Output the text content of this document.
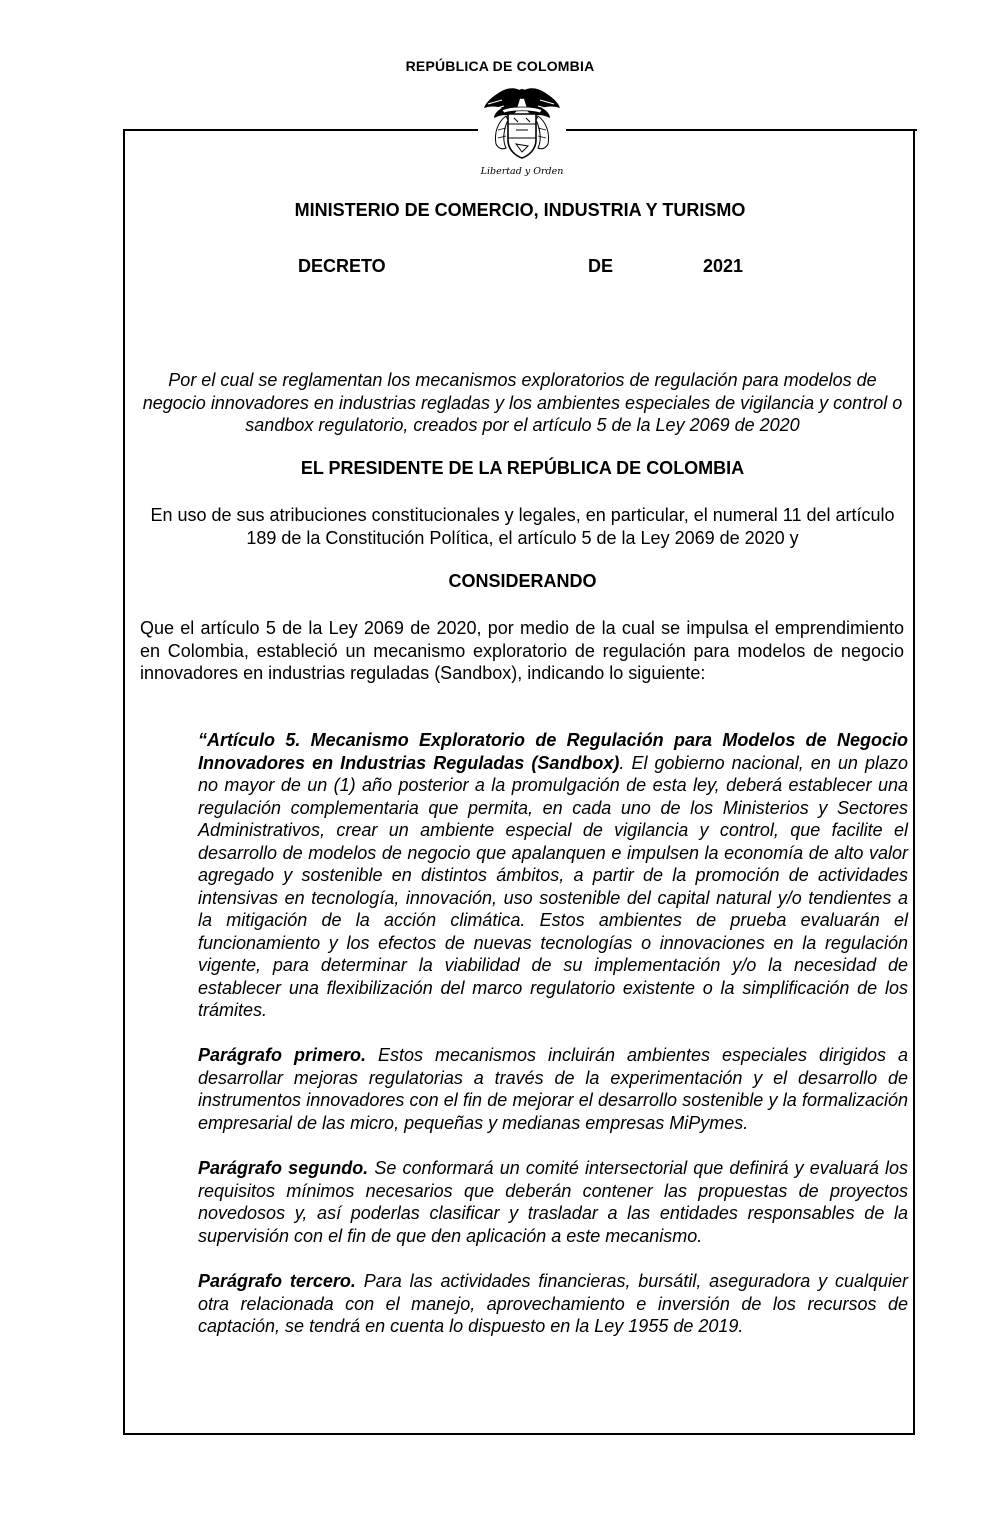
REPÚBLICA DE COLOMBIA
Libertad y Orden
MINISTERIO DE COMERCIO, INDUSTRIA Y TURISMO
DECRETO	DE	2021
Por el cual se reglamentan los mecanismos exploratorios de regulación para modelos de negocio innovadores en industrias regladas y los ambientes especiales de vigilancia y control o sandbox regulatorio, creados por el artículo 5 de la Ley 2069 de 2020
EL PRESIDENTE DE LA REPÚBLICA DE COLOMBIA
En uso de sus atribuciones constitucionales y legales, en particular, el numeral 11 del artículo 189 de la Constitución Política, el artículo 5 de la Ley 2069 de 2020 y
CONSIDERANDO
Que el artículo 5 de la Ley 2069 de 2020, por medio de la cual se impulsa el emprendimiento en Colombia, estableció un mecanismo exploratorio de regulación para modelos de negocio innovadores en industrias reguladas (Sandbox), indicando lo siguiente:
“Artículo 5. Mecanismo Exploratorio de Regulación para Modelos de Negocio Innovadores en Industrias Reguladas (Sandbox). El gobierno nacional, en un plazo no mayor de un (1) año posterior a la promulgación de esta ley, deberá establecer una regulación complementaria que permita, en cada uno de los Ministerios y Sectores Administrativos, crear un ambiente especial de vigilancia y control, que facilite el desarrollo de modelos de negocio que apalanquen e impulsen la economía de alto valor agregado y sostenible en distintos ámbitos, a partir de la promoción de actividades intensivas en tecnología, innovación, uso sostenible del capital natural y/o tendientes a la mitigación de la acción climática. Estos ambientes de prueba evaluarán el funcionamiento y los efectos de nuevas tecnologías o innovaciones en la regulación vigente, para determinar la viabilidad de su implementación y/o la necesidad de establecer una flexibilización del marco regulatorio existente o la simplificación de los trámites.
Parágrafo primero. Estos mecanismos incluirán ambientes especiales dirigidos a desarrollar mejoras regulatorias a través de la experimentación y el desarrollo de instrumentos innovadores con el fin de mejorar el desarrollo sostenible y la formalización empresarial de las micro, pequeñas y medianas empresas MiPymes.
Parágrafo segundo. Se conformará un comité intersectorial que definirá y evaluará los requisitos mínimos necesarios que deberán contener las propuestas de proyectos novedosos y, así poderlas clasificar y trasladar a las entidades responsables de la supervisión con el fin de que den aplicación a este mecanismo.
Parágrafo tercero. Para las actividades financieras, bursátil, aseguradora y cualquier otra relacionada con el manejo, aprovechamiento e inversión de los recursos de captación, se tendrá en cuenta lo dispuesto en la Ley 1955 de 2019.
